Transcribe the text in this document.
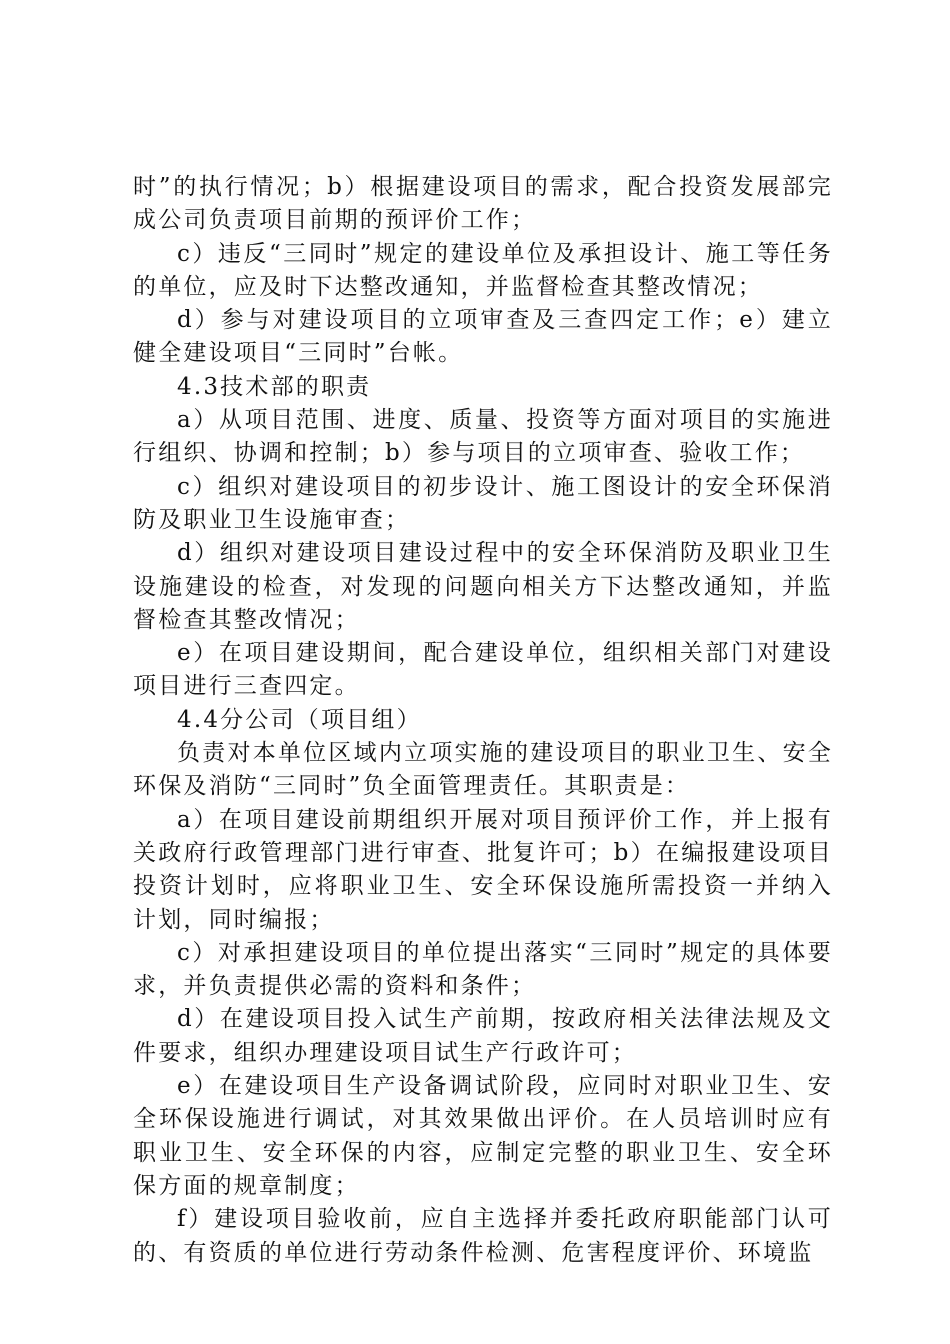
时”的执行情况；b）根据建设项目的需求，配合投资发展部完成公司负责项目前期的预评价工作；

c）违反“三同时”规定的建设单位及承担设计、施工等任务的单位，应及时下达整改通知，并监督检查其整改情况；

d）参与对建设项目的立项审查及三查四定工作；e）建立健全建设项目“三同时”台帐。

4.3技术部的职责

a）从项目范围、进度、质量、投资等方面对项目的实施进行组织、协调和控制；b）参与项目的立项审查、验收工作；

c）组织对建设项目的初步设计、施工图设计的安全环保消防及职业卫生设施审查；

d）组织对建设项目建设过程中的安全环保消防及职业卫生设施建设的检查，对发现的问题向相关方下达整改通知，并监督检查其整改情况；

e）在项目建设期间，配合建设单位，组织相关部门对建设项目进行三查四定。

4.4分公司（项目组）

负责对本单位区域内立项实施的建设项目的职业卫生、安全环保及消防“三同时”负全面管理责任。其职责是：

a）在项目建设前期组织开展对项目预评价工作，并上报有关政府行政管理部门进行审查、批复许可；b）在编报建设项目投资计划时，应将职业卫生、安全环保设施所需投资一并纳入计划，同时编报；

c）对承担建设项目的单位提出落实“三同时”规定的具体要求，并负责提供必需的资料和条件；

d）在建设项目投入试生产前期，按政府相关法律法规及文件要求，组织办理建设项目试生产行政许可；

e）在建设项目生产设备调试阶段，应同时对职业卫生、安全环保设施进行调试，对其效果做出评价。在人员培训时应有职业卫生、安全环保的内容，应制定完整的职业卫生、安全环保方面的规章制度；

f）建设项目验收前，应自主选择并委托政府职能部门认可的、有资质的单位进行劳动条件检测、危害程度评价、环境监
